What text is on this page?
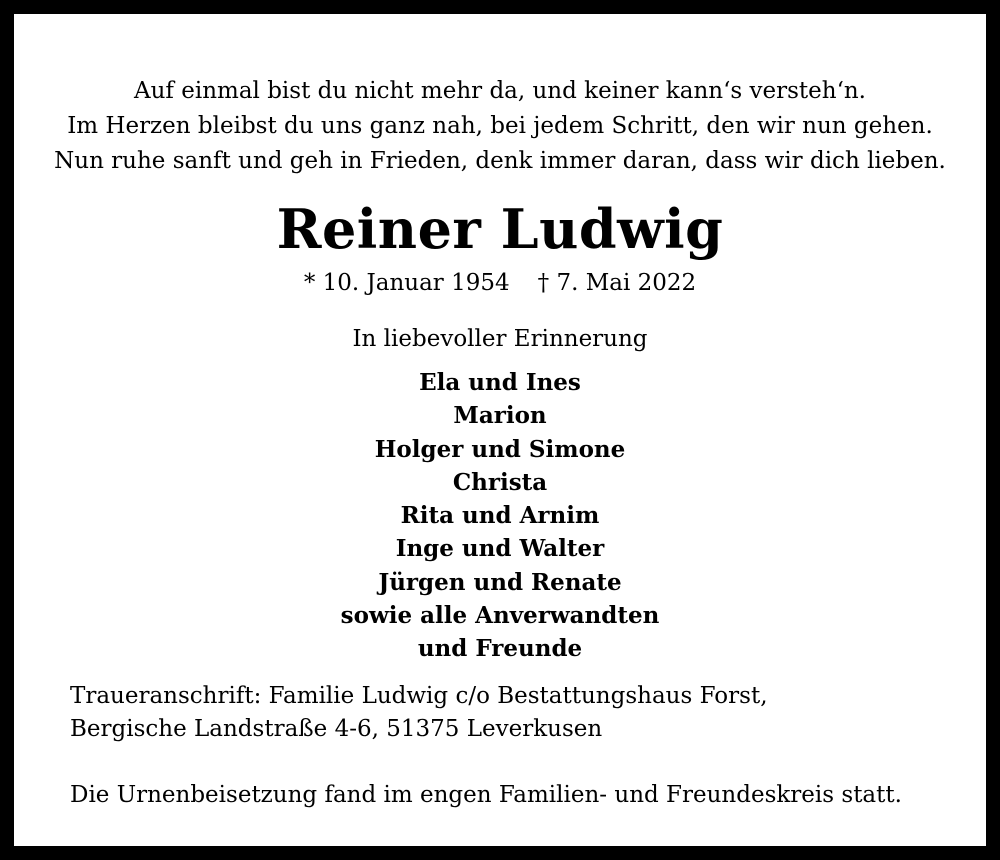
Auf einmal bist du nicht mehr da, und keiner kann‘s versteh‘n.
Im Herzen bleibst du uns ganz nah, bei jedem Schritt, den wir nun gehen.
Nun ruhe sanft und geh in Frieden, denk immer daran, dass wir dich lieben.
Reiner Ludwig
* 10. Januar 1954 † 7. Mai 2022
In liebevoller Erinnerung
Ela und Ines
Marion
Holger und Simone
Christa
Rita und Arnim
Inge und Walter
Jürgen und Renate
sowie alle Anverwandten
und Freunde
Traueranschrift: Familie Ludwig c/o Bestattungshaus Forst,
Bergische Landstraße 4-6, 51375 Leverkusen
Die Urnenbeisetzung fand im engen Familien- und Freundeskreis statt.
